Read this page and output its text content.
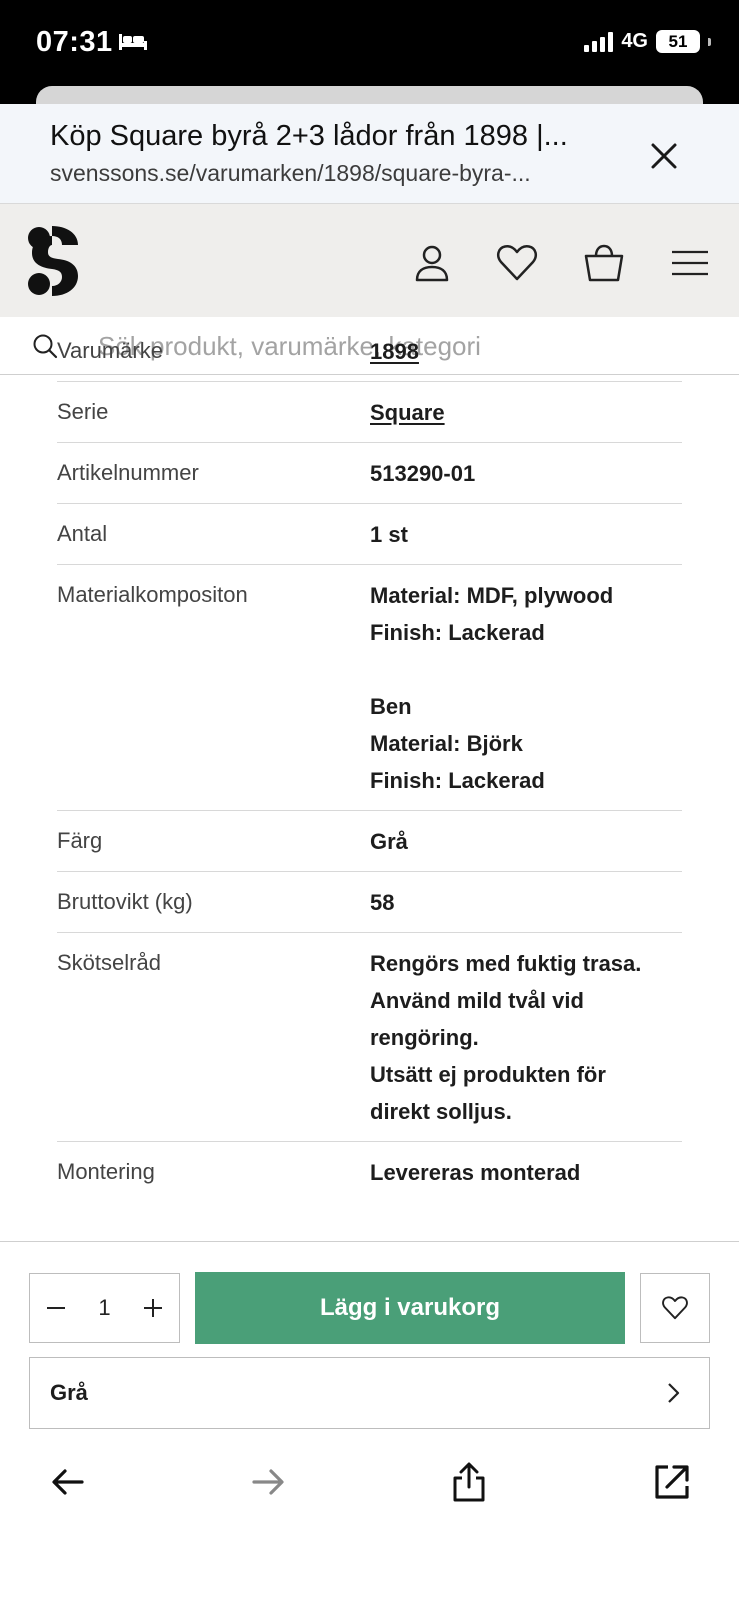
07:31	4G	51
Köp Square byrå 2+3 lådor från 1898 |...
svenssons.se/varumarken/1898/square-byra-...
Sök produkt, varumärke, kategori
Varumärke	1898
Serie	Square
Artikelnummer	513290-01
Antal	1 st
Materialkompositon	Material: MDF, plywood
Finish: Lackerad

Ben
Material: Björk
Finish: Lackerad
Färg	Grå
Bruttovikt (kg)	58
Skötselråd	Rengörs med fuktig trasa.
Använd mild tvål vid
rengöring.
Utsätt ej produkten för
direkt solljus.
Montering	Levereras monterad
1	Lägg i varukorg
Grå
